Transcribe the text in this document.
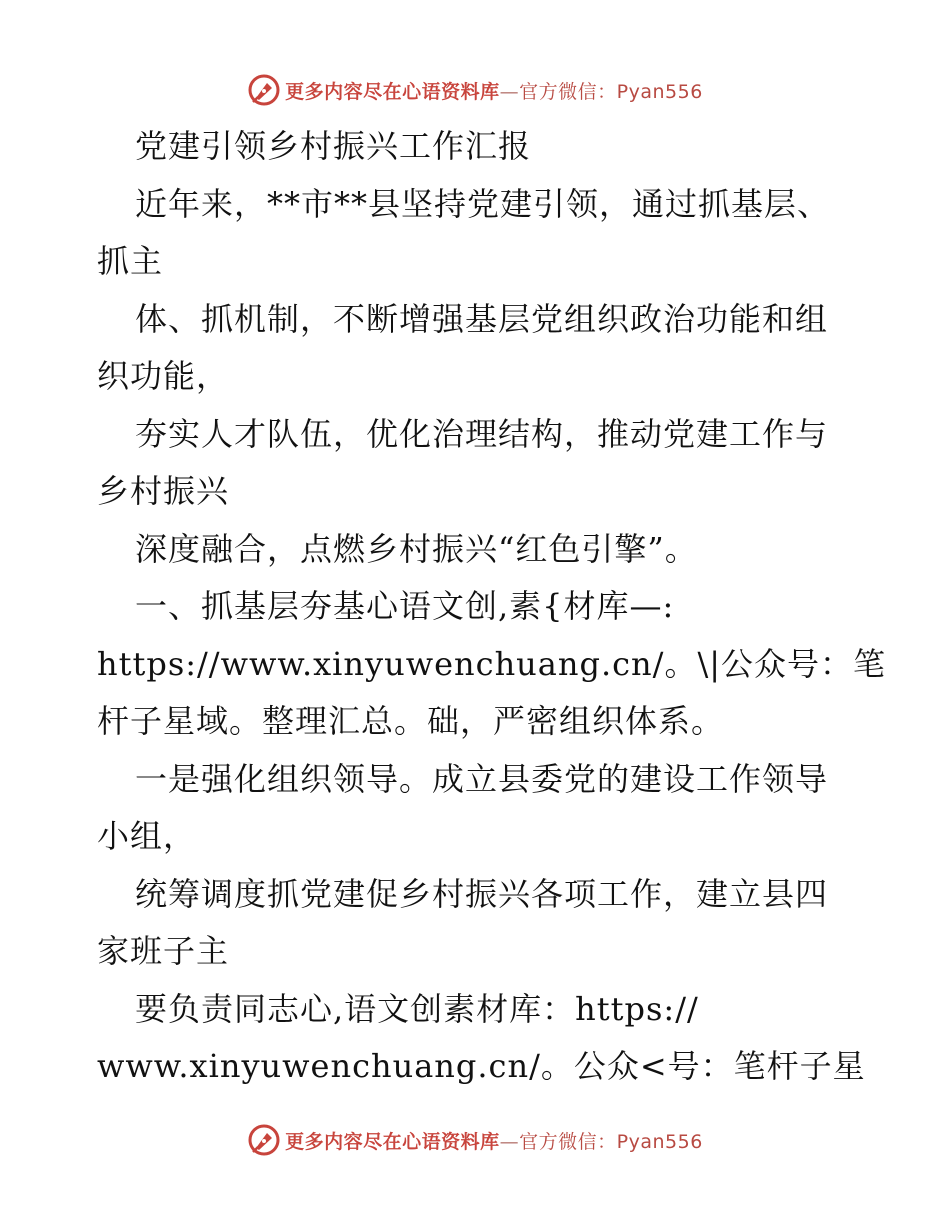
更多内容尽在心语资料库—官方微信：Pyan556
党建引领乡村振兴工作汇报
近年来，**市**县坚持党建引领，通过抓基层、
抓主
体、抓机制，不断增强基层党组织政治功能和组
织功能，
夯实人才队伍，优化治理结构，推动党建工作与
乡村振兴
深度融合，点燃乡村振兴“红色引擎”。
一、抓基层夯基心语文创,素{材库—:
https://www.xinyuwenchuang.cn/。\|公众号：笔
杆子星域。整理汇总。础，严密组织体系。
一是强化组织领导。成立县委党的建设工作领导
小组，
统筹调度抓党建促乡村振兴各项工作，建立县四
家班子主
要负责同志心,语文创素材库：https://
www.xinyuwenchuang.cn/。公众<号：笔杆子星
更多内容尽在心语资料库—官方微信：Pyan556
